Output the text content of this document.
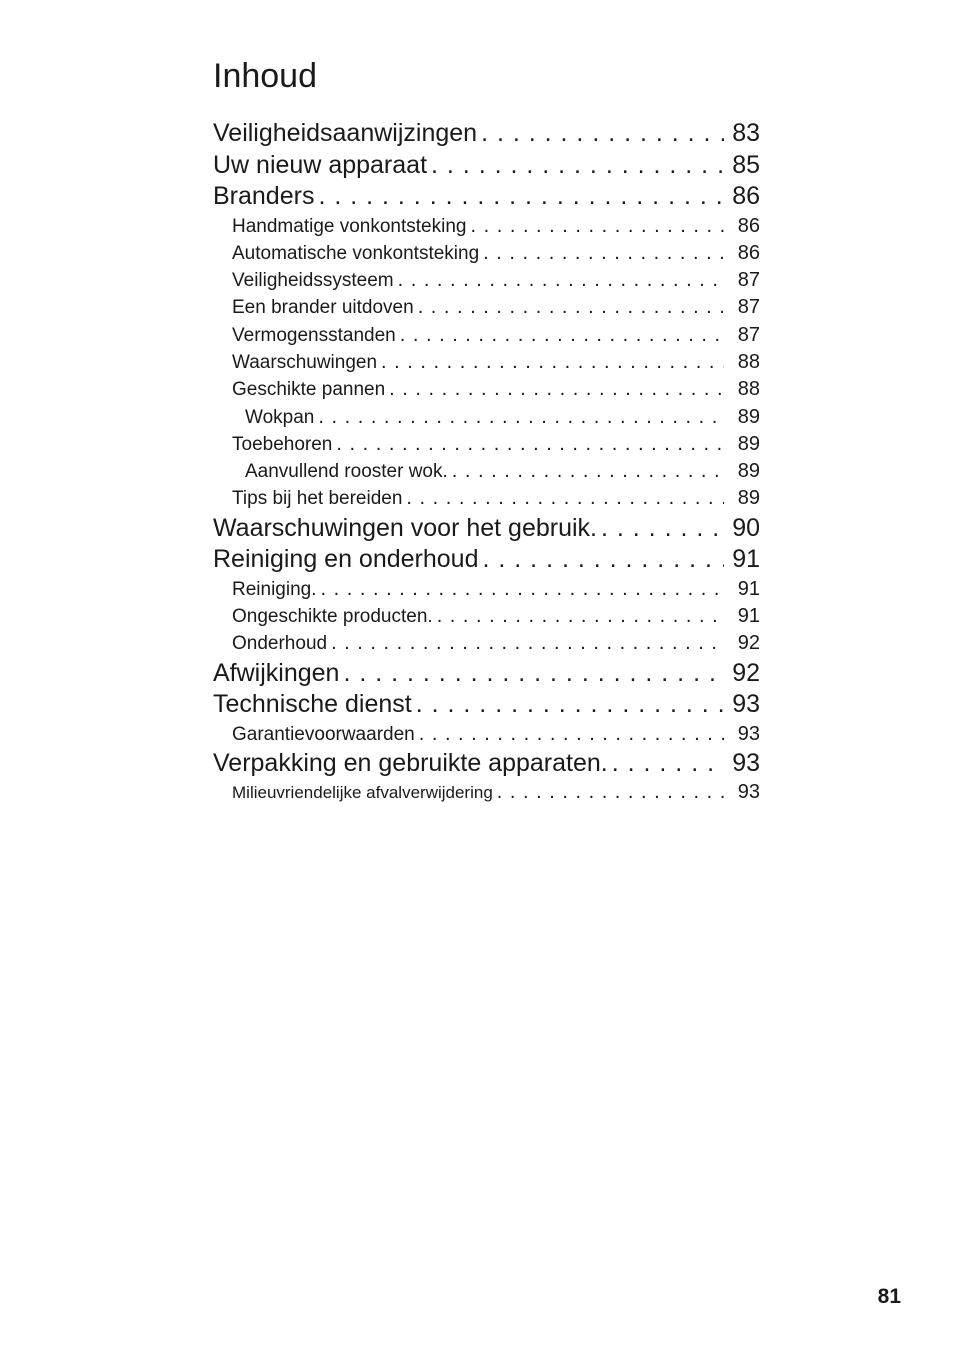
Inhoud
Veiligheidsaanwijzingen . . .	83
Uw nieuw apparaat . . .	85
Branders . . .	86
Handmatige vonkontsteking . . .	86
Automatische vonkontsteking . . .	86
Veiligheidssysteem . . .	87
Een brander uitdoven . . .	87
Vermogensstanden . . .	87
Waarschuwingen . . .	88
Geschikte pannen . . .	88
Wokpan . . .	89
Toebehoren . . .	89
Aanvullend rooster wok. . . .	89
Tips bij het bereiden . . .	89
Waarschuwingen voor het gebruik. . . .	90
Reiniging en onderhoud . . .	91
Reiniging. . . .	91
Ongeschikte producten. . . .	91
Onderhoud . . .	92
Afwijkingen . . .	92
Technische dienst . . .	93
Garantievoorwaarden . . .	93
Verpakking en gebruikte apparaten. . . .	93
Milieuvriendelijke afvalverwijdering . . .	93
81
